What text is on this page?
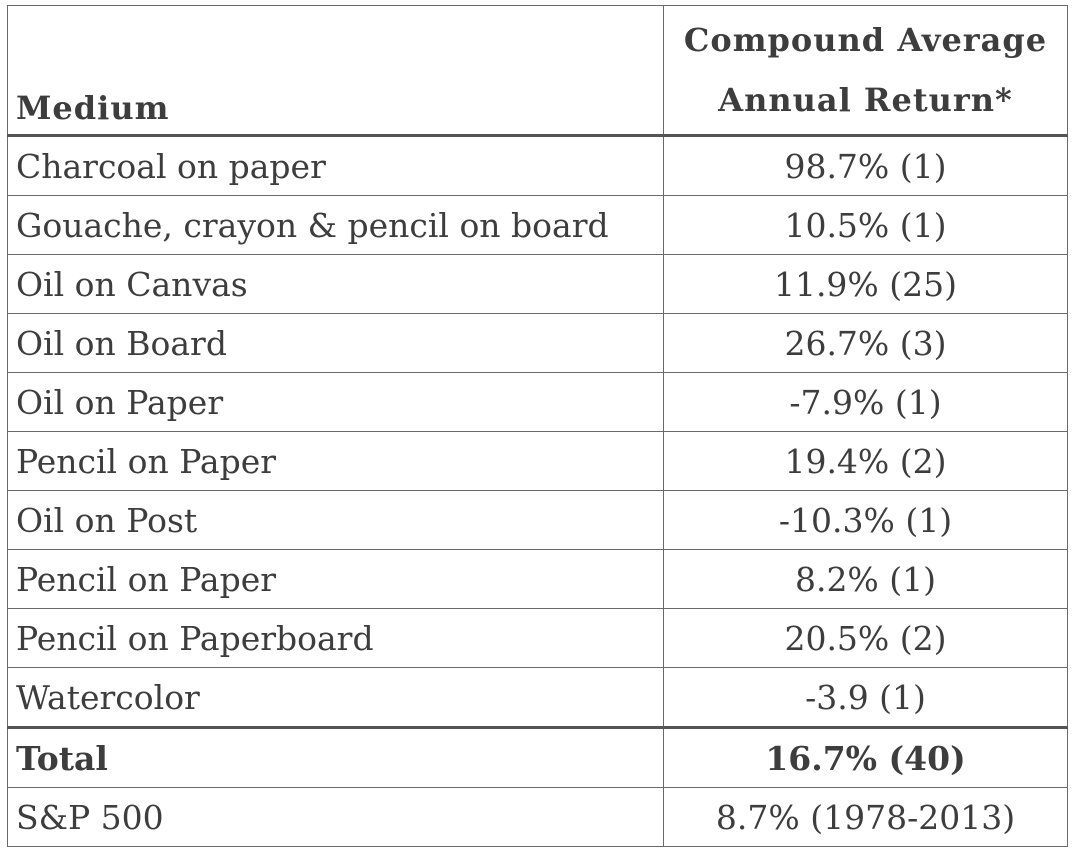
Medium	Compound Average
Annual Return*

Charcoal on paper	98.7% (1)
Gouache, crayon & pencil on board	10.5% (1)
Oil on Canvas	11.9% (25)
Oil on Board	26.7% (3)
Oil on Paper	-7.9% (1)
Pencil on Paper	19.4% (2)
Oil on Post	-10.3% (1)
Pencil on Paper	8.2% (1)
Pencil on Paperboard	20.5% (2)
Watercolor	-3.9 (1)
Total	16.7% (40)
S&P 500	8.7% (1978-2013)
